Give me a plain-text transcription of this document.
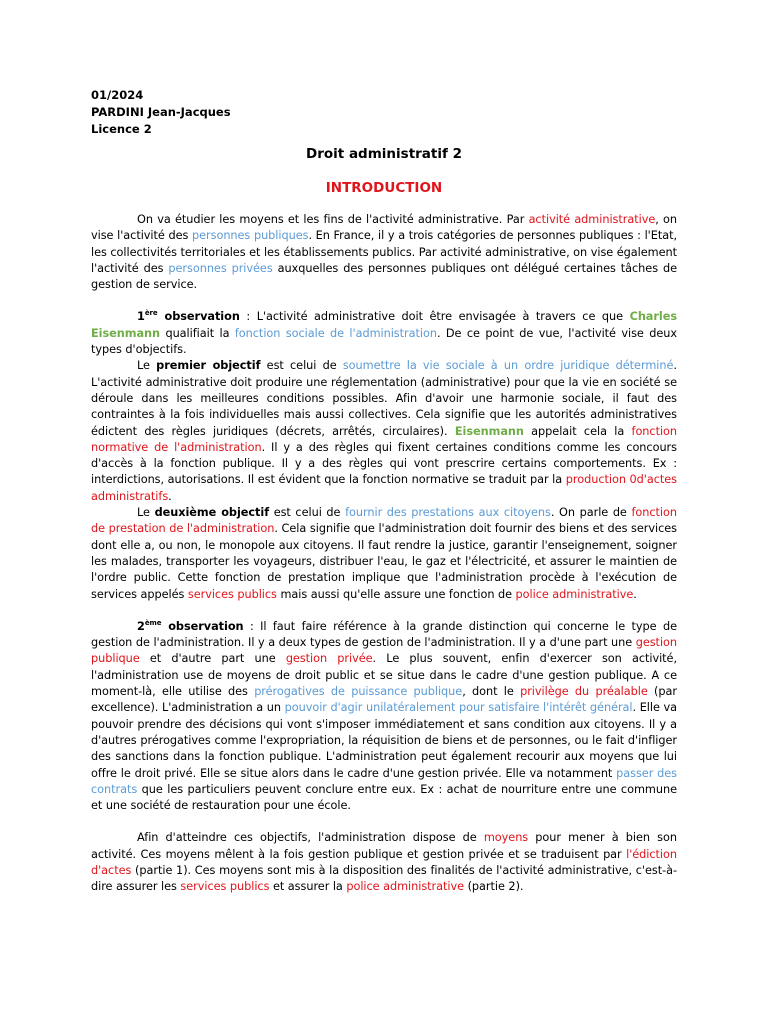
01/2024
PARDINI Jean-Jacques
Licence 2
Droit administratif 2
INTRODUCTION

On va étudier les moyens et les fins de l'activité administrative. Par activité administrative, on vise l'activité des personnes publiques. En France, il y a trois catégories de personnes publiques : l'Etat, les collectivités territoriales et les établissements publics. Par activité administrative, on vise également l'activité des personnes privées auxquelles des personnes publiques ont délégué certaines tâches de gestion de service.

1ère observation : L'activité administrative doit être envisagée à travers ce que Charles Eisenmann qualifiait la fonction sociale de l'administration. De ce point de vue, l'activité vise deux types d'objectifs.

Le premier objectif est celui de soumettre la vie sociale à un ordre juridique déterminé. L'activité administrative doit produire une réglementation (administrative) pour que la vie en société se déroule dans les meilleures conditions possibles. Afin d'avoir une harmonie sociale, il faut des contraintes à la fois individuelles mais aussi collectives. Cela signifie que les autorités administratives édictent des règles juridiques (décrets, arrêtés, circulaires). Eisenmann appelait cela la fonction normative de l'administration. Il y a des règles qui fixent certaines conditions comme les concours d'accès à la fonction publique. Il y a des règles qui vont prescrire certains comportements. Ex : interdictions, autorisations. Il est évident que la fonction normative se traduit par la production 0d'actes administratifs.

Le deuxième objectif est celui de fournir des prestations aux citoyens. On parle de fonction de prestation de l'administration. Cela signifie que l'administration doit fournir des biens et des services dont elle a, ou non, le monopole aux citoyens. Il faut rendre la justice, garantir l'enseignement, soigner les malades, transporter les voyageurs, distribuer l'eau, le gaz et l'électricité, et assurer le maintien de l'ordre public. Cette fonction de prestation implique que l'administration procède à l'exécution de services appelés services publics mais aussi qu'elle assure une fonction de police administrative.

2ème observation : Il faut faire référence à la grande distinction qui concerne le type de gestion de l'administration. Il y a deux types de gestion de l'administration. Il y a d'une part une gestion publique et d'autre part une gestion privée. Le plus souvent, enfin d'exercer son activité, l'administration use de moyens de droit public et se situe dans le cadre d'une gestion publique. A ce moment-là, elle utilise des prérogatives de puissance publique, dont le privilège du préalable (par excellence). L'administration a un pouvoir d'agir unilatéralement pour satisfaire l'intérêt général. Elle va pouvoir prendre des décisions qui vont s'imposer immédiatement et sans condition aux citoyens. Il y a d'autres prérogatives comme l'expropriation, la réquisition de biens et de personnes, ou le fait d'infliger des sanctions dans la fonction publique. L'administration peut également recourir aux moyens que lui offre le droit privé. Elle se situe alors dans le cadre d'une gestion privée. Elle va notamment passer des contrats que les particuliers peuvent conclure entre eux. Ex : achat de nourriture entre une commune et une société de restauration pour une école.

Afin d'atteindre ces objectifs, l'administration dispose de moyens pour mener à bien son activité. Ces moyens mêlent à la fois gestion publique et gestion privée et se traduisent par l'édiction d'actes (partie 1). Ces moyens sont mis à la disposition des finalités de l'activité administrative, c'est-à-dire assurer les services publics et assurer la police administrative (partie 2).
